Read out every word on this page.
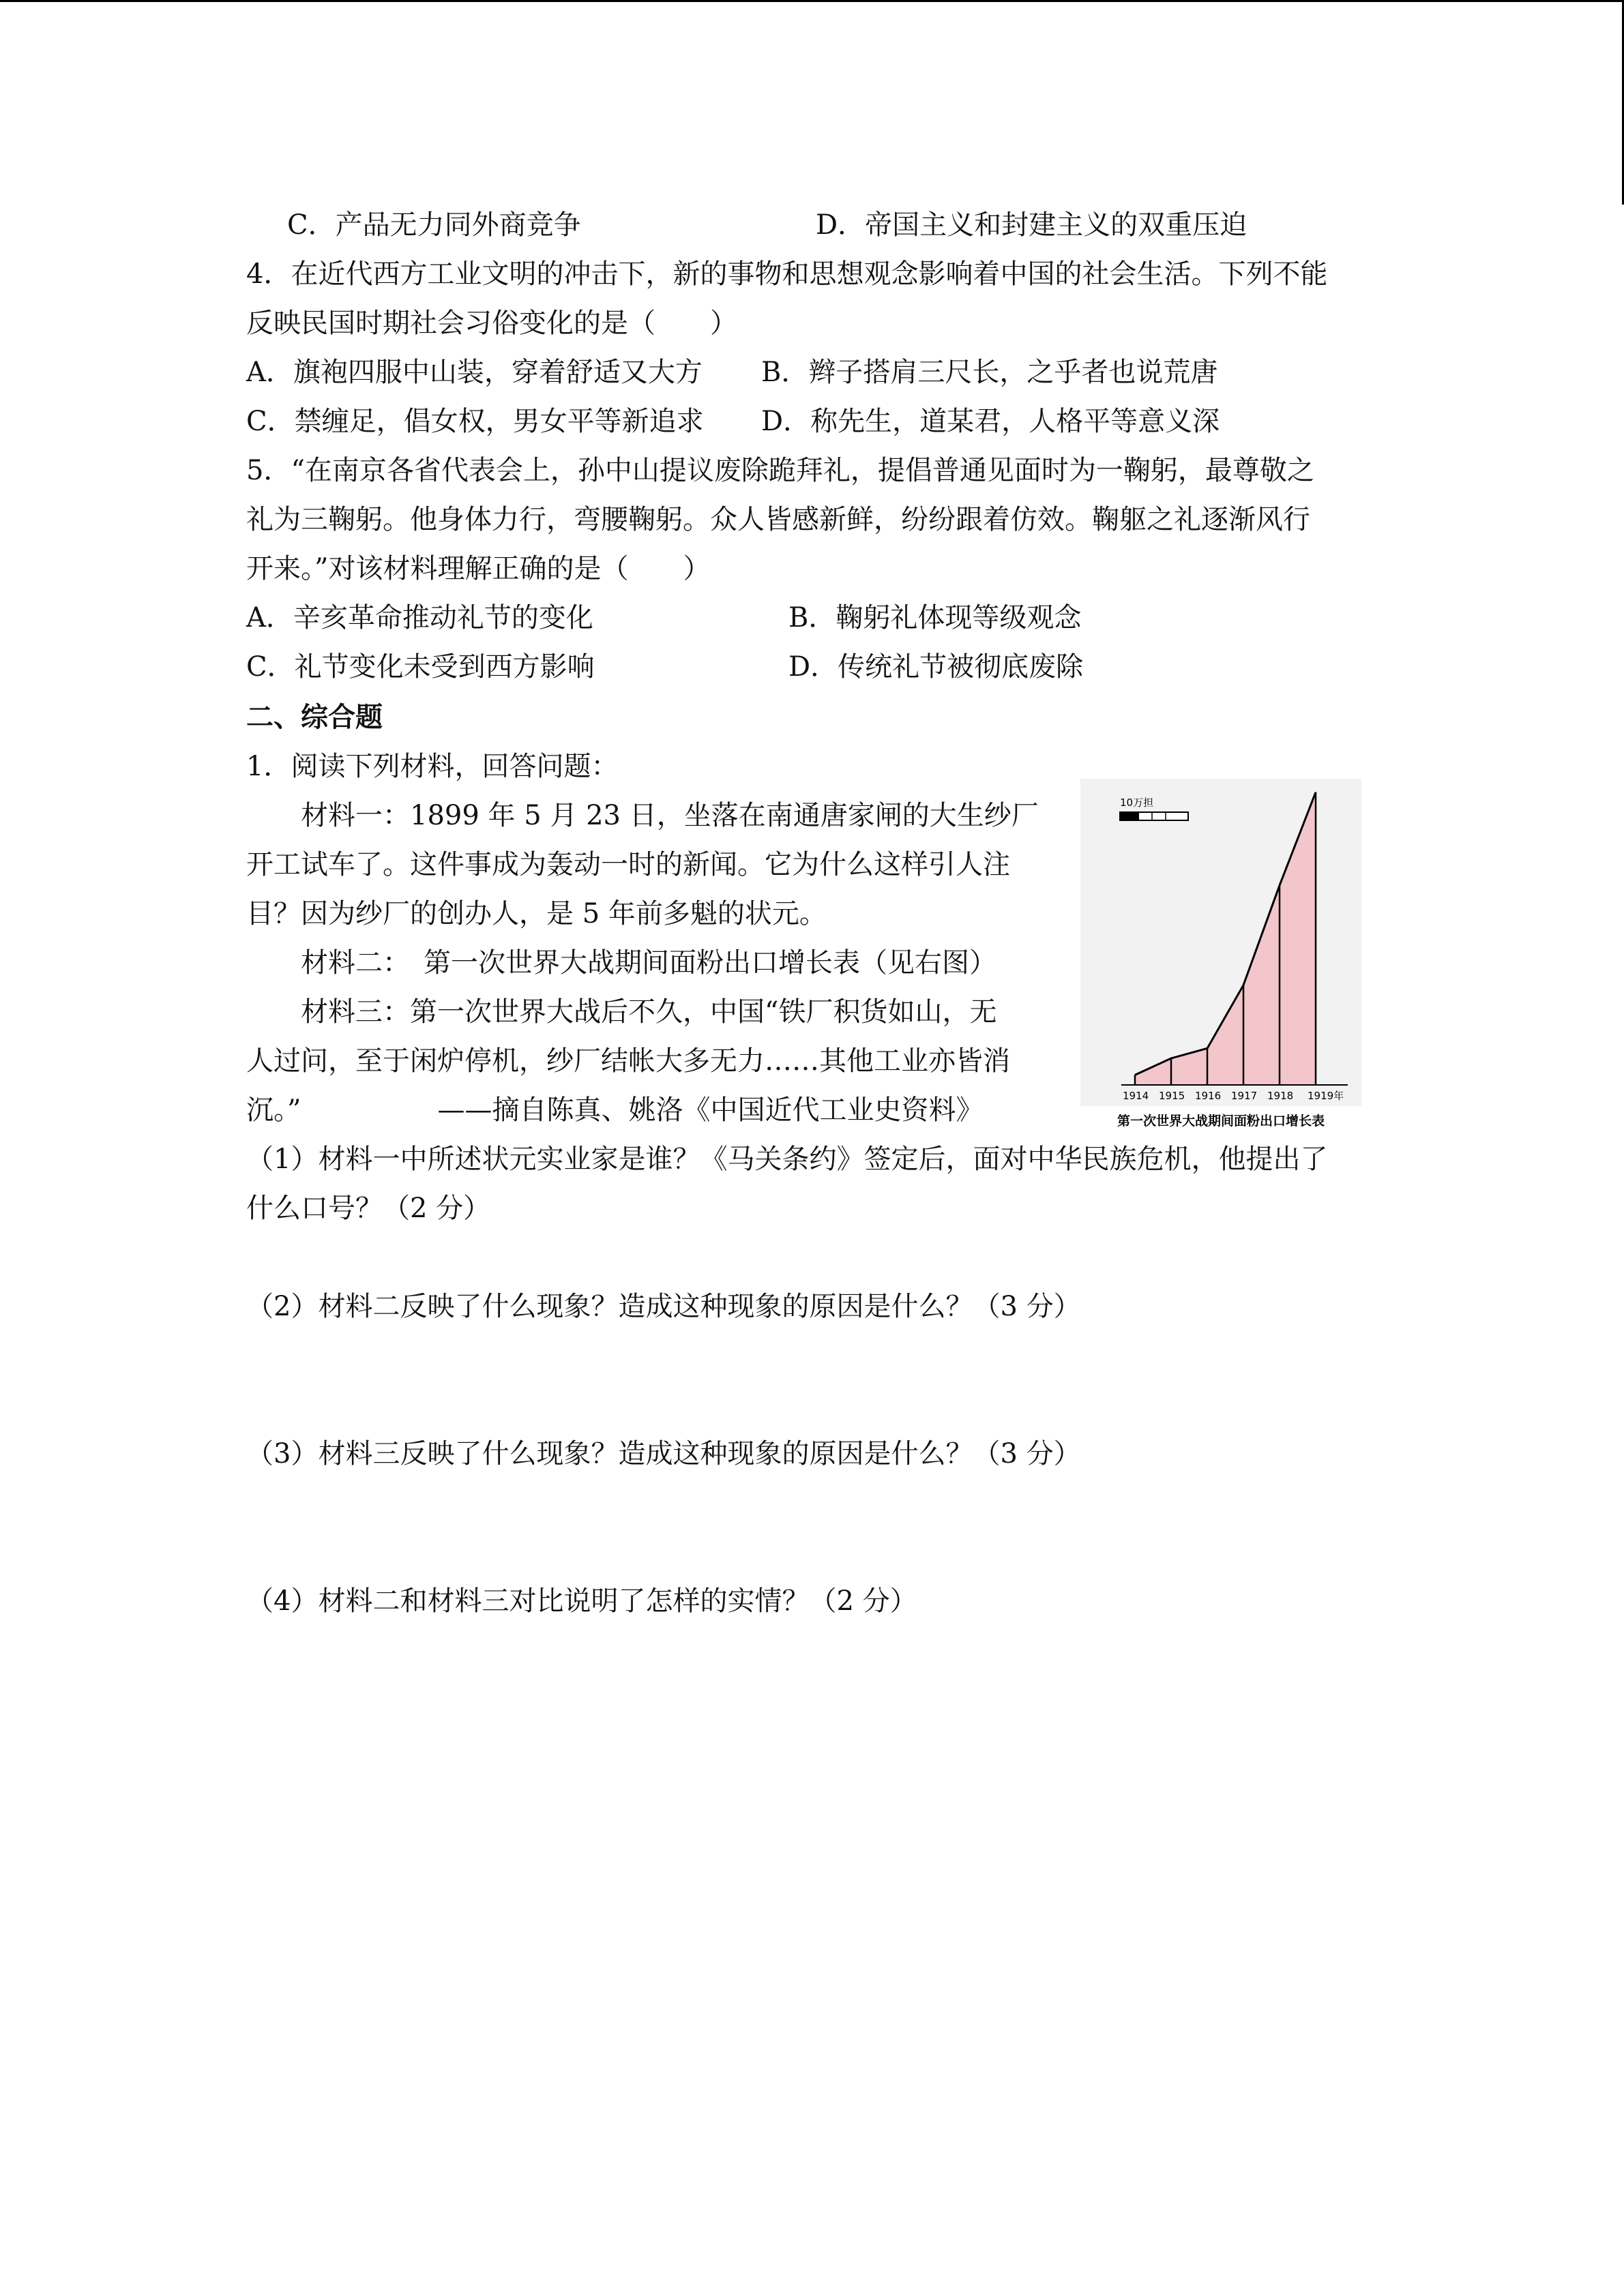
C．产品无力同外商竞争	D．帝国主义和封建主义的双重压迫
4．在近代西方工业文明的冲击下，新的事物和思想观念影响着中国的社会生活。下列不能
反映民国时期社会习俗变化的是（　　）
A．旗袍四服中山装，穿着舒适又大方 B．辫子搭肩三尺长，之乎者也说荒唐
C．禁缠足，倡女权，男女平等新追求 D．称先生，道某君，人格平等意义深
5．“在南京各省代表会上，孙中山提议废除跪拜礼，提倡普通见面时为一鞠躬，最尊敬之
礼为三鞠躬。他身体力行，弯腰鞠躬。众人皆感新鲜，纷纷跟着仿效。鞠躯之礼逐渐风行
开来。”对该材料理解正确的是（　　）
A．辛亥革命推动礼节的变化	B．鞠躬礼体现等级观念
C．礼节变化未受到西方影响	D．传统礼节被彻底废除
二、综合题
1．阅读下列材料，回答问题：
材料一：1899 年 5 月 23 日，坐落在南通唐家闸的大生纱厂
开工试车了。这件事成为轰动一时的新闻。它为什么这样引人注
目？因为纱厂的创办人，是 5 年前多魁的状元。
材料二：　第一次世界大战期间面粉出口增长表（见右图）
材料三：第一次世界大战后不久，中国“铁厂积货如山，无
人过问，至于闲炉停机，纱厂结帐大多无力……其他工业亦皆消
沉。”　　　　　——摘自陈真、姚洛《中国近代工业史资料》
10万担
1914 1915 1916 1917 1918 1919年
第一次世界大战期间面粉出口增长表
（1）材料一中所述状元实业家是谁？《马关条约》签定后，面对中华民族危机，他提出了
什么口号？（2 分）
（2）材料二反映了什么现象？造成这种现象的原因是什么？（3 分）
（3）材料三反映了什么现象？造成这种现象的原因是什么？（3 分）
（4）材料二和材料三对比说明了怎样的实情？（2 分）
